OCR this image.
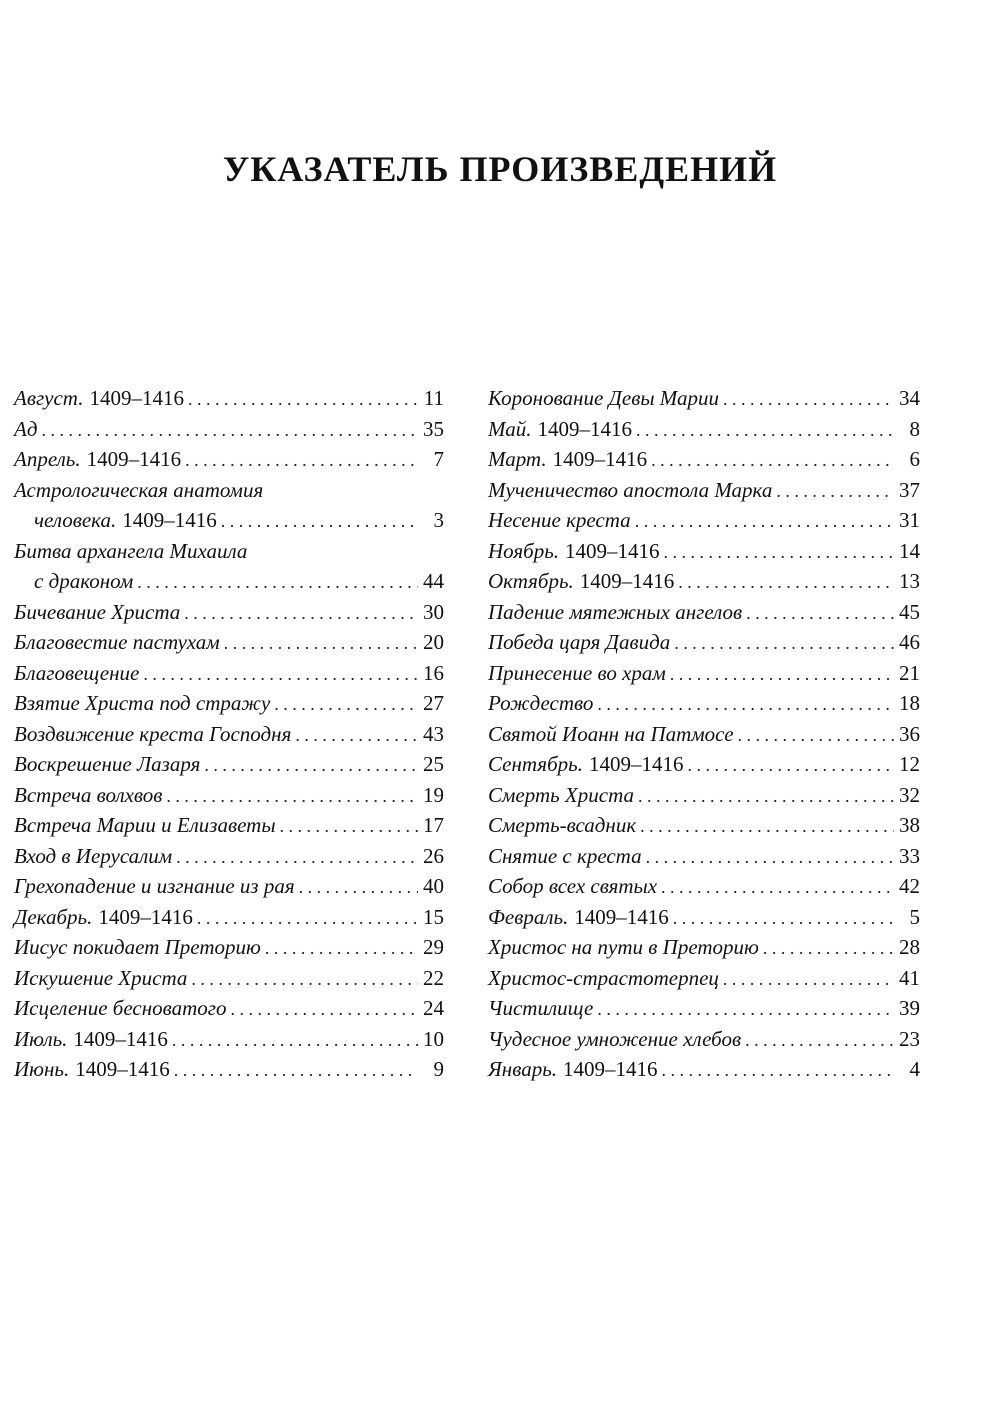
УКАЗАТЕЛЬ ПРОИЗВЕДЕНИЙ
Август. 1409–1416 . . .	11
Ад . . .	35
Апрель. 1409–1416 . . .	7
Астрологическая анатомия
человека. 1409–1416 . . .	3
Битва архангела Михаила
с драконом . . .	44
Бичевание Христа . . .	30
Благовестие пастухам . . .	20
Благовещение . . .	16
Взятие Христа под стражу . . .	27
Воздвижение креста Господня . . .	43
Воскрешение Лазаря . . .	25
Встреча волхвов . . .	19
Встреча Марии и Елизаветы . . .	17
Вход в Иерусалим . . .	26
Грехопадение и изгнание из рая . . .	40
Декабрь. 1409–1416 . . .	15
Иисус покидает Преторию . . .	29
Искушение Христа . . .	22
Исцеление бесноватого . . .	24
Июль. 1409–1416 . . .	10
Июнь. 1409–1416 . . .	9
Коронование Девы Марии . . .	34
Май. 1409–1416 . . .	8
Март. 1409–1416 . . .	6
Мученичество апостола Марка . . .	37
Несение креста . . .	31
Ноябрь. 1409–1416 . . .	14
Октябрь. 1409–1416 . . .	13
Падение мятежных ангелов . . .	45
Победа царя Давида . . .	46
Принесение во храм . . .	21
Рождество . . .	18
Святой Иоанн на Патмосе . . .	36
Сентябрь. 1409–1416 . . .	12
Смерть Христа . . .	32
Смерть-всадник . . .	38
Снятие с креста . . .	33
Собор всех святых . . .	42
Февраль. 1409–1416 . . .	5
Христос на пути в Преторию . . .	28
Христос-страстотерпец . . .	41
Чистилище . . .	39
Чудесное умножение хлебов . . .	23
Январь. 1409–1416 . . .	4
